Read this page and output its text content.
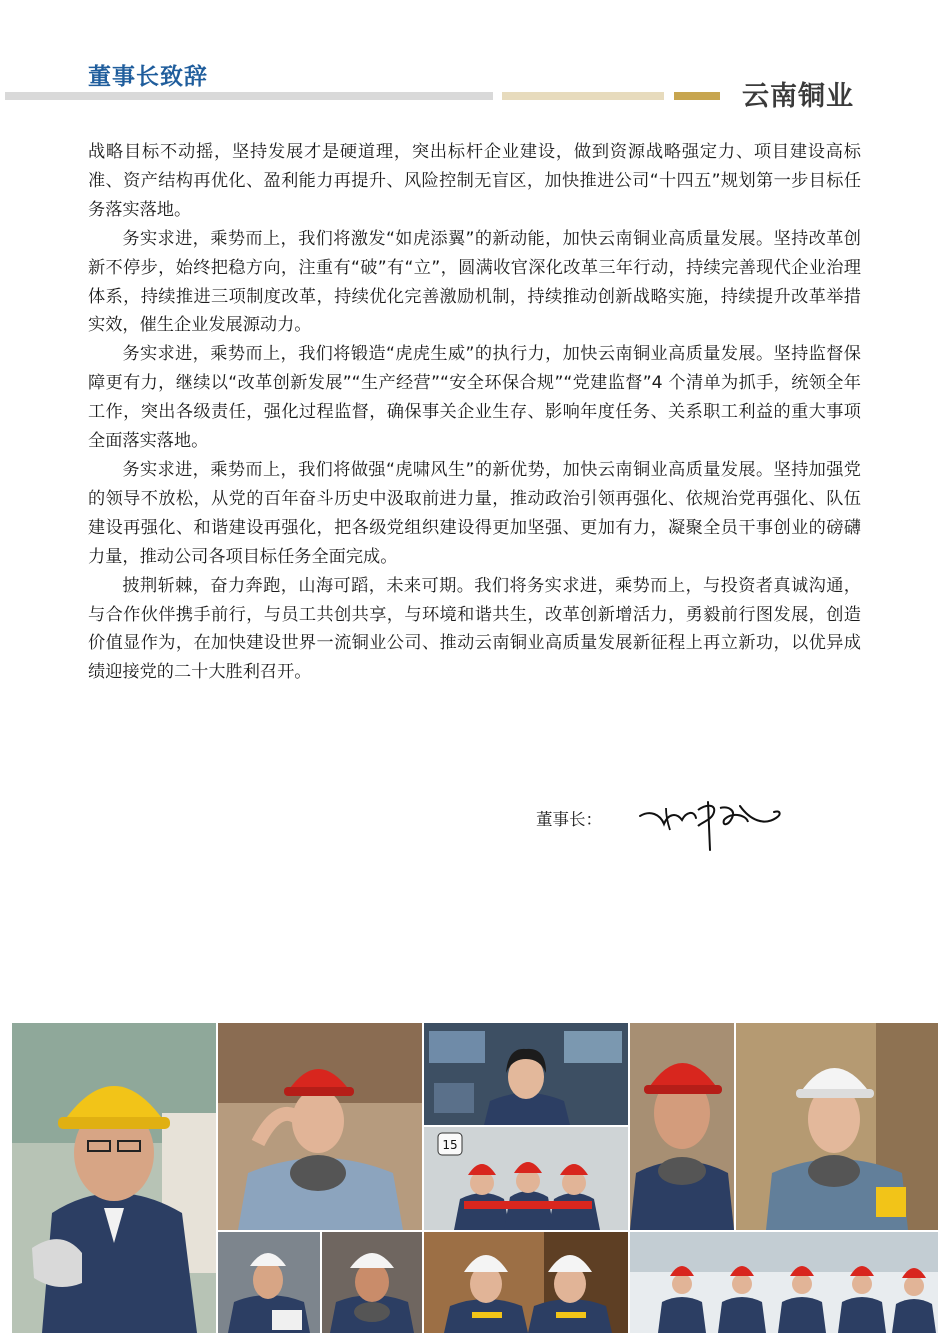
董事长致辞
云南铜业

战略目标不动摇，坚持发展才是硬道理，突出标杆企业建设，做到资源战略强定力、项目建设高标准、资产结构再优化、盈利能力再提升、风险控制无盲区，加快推进公司“十四五”规划第一步目标任务落实落地。

务实求进，乘势而上，我们将激发“如虎添翼”的新动能，加快云南铜业高质量发展。坚持改革创新不停步，始终把稳方向，注重有“破”有“立”，圆满收官深化改革三年行动，持续完善现代企业治理体系，持续推进三项制度改革，持续优化完善激励机制，持续推动创新战略实施，持续提升改革举措实效，催生企业发展源动力。

务实求进，乘势而上，我们将锻造“虎虎生威”的执行力，加快云南铜业高质量发展。坚持监督保障更有力，继续以“改革创新发展”“生产经营”“安全环保合规”“党建监督”4 个清单为抓手，统领全年工作，突出各级责任，强化过程监督，确保事关企业生存、影响年度任务、关系职工利益的重大事项全面落实落地。

务实求进，乘势而上，我们将做强“虎啸风生”的新优势，加快云南铜业高质量发展。坚持加强党的领导不放松，从党的百年奋斗历史中汲取前进力量，推动政治引领再强化、依规治党再强化、队伍建设再强化、和谐建设再强化，把各级党组织建设得更加坚强、更加有力，凝聚全员干事创业的磅礴力量，推动公司各项目标任务全面完成。

披荆斩棘，奋力奔跑，山海可蹈，未来可期。我们将务实求进，乘势而上，与投资者真诚沟通，与合作伙伴携手前行，与员工共创共享，与环境和谐共生，改革创新增活力，勇毅前行图发展，创造价值显作为，在加快建设世界一流铜业公司、推动云南铜业高质量发展新征程上再立新功，以优异成绩迎接党的二十大胜利召开。

董事长：
15
